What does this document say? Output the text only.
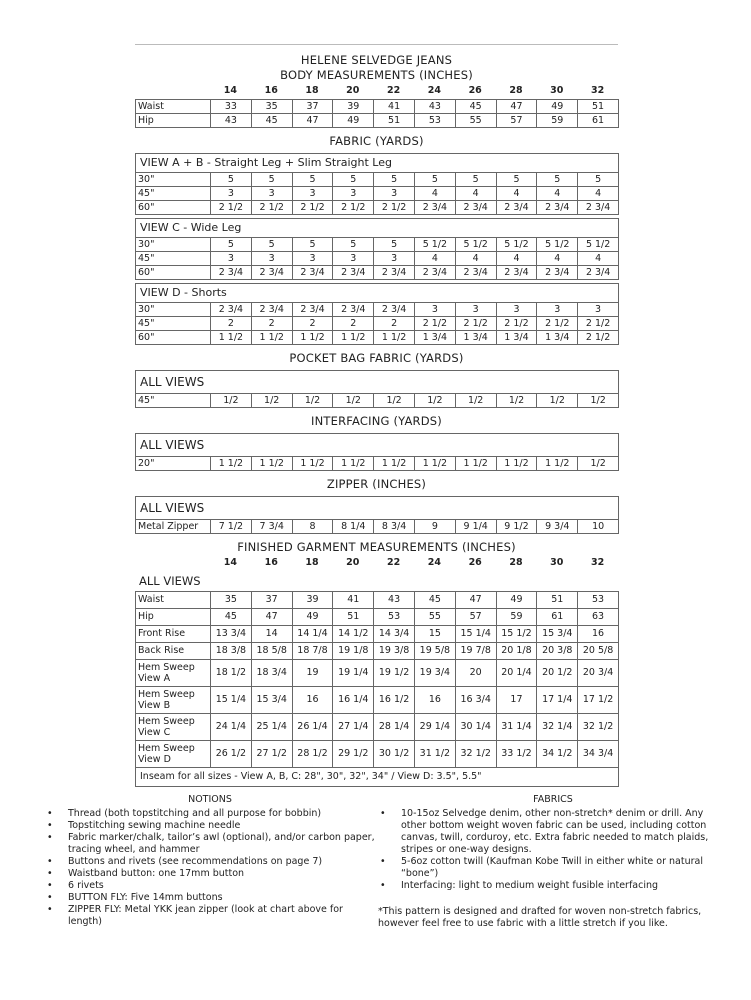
HELENE SELVEDGE JEANS
BODY MEASUREMENTS (INCHES)
	14	16	18	20	22	24	26	28	30	32
Waist	33	35	37	39	41	43	45	47	49	51
Hip	43	45	47	49	51	53	55	57	59	61
FABRIC (YARDS)
VIEW A + B - Straight Leg + Slim Straight Leg										
30"	5	5	5	5	5	5	5	5	5	5
45"	3	3	3	3	3	4	4	4	4	4
60"	2 1/2	2 1/2	2 1/2	2 1/2	2 1/2	2 3/4	2 3/4	2 3/4	2 3/4	2 3/4
VIEW C - Wide Leg										
30"	5	5	5	5	5	5 1/2	5 1/2	5 1/2	5 1/2	5 1/2
45"	3	3	3	3	3	4	4	4	4	4
60"	2 3/4	2 3/4	2 3/4	2 3/4	2 3/4	2 3/4	2 3/4	2 3/4	2 3/4	2 3/4
VIEW D - Shorts										
30"	2 3/4	2 3/4	2 3/4	2 3/4	2 3/4	3	3	3	3	3
45"	2	2	2	2	2	2 1/2	2 1/2	2 1/2	2 1/2	2 1/2
60"	1 1/2	1 1/2	1 1/2	1 1/2	1 1/2	1 3/4	1 3/4	1 3/4	1 3/4	2 1/2
POCKET BAG FABRIC (YARDS)
ALL VIEWS
45"	1/2	1/2	1/2	1/2	1/2	1/2	1/2	1/2	1/2	1/2
INTERFACING (YARDS)
ALL VIEWS
20"	1 1/2	1 1/2	1 1/2	1 1/2	1 1/2	1 1/2	1 1/2	1 1/2	1 1/2	1/2
ZIPPER (INCHES)
ALL VIEWS
Metal Zipper	7 1/2	7 3/4	8	8 1/4	8 3/4	9	9 1/4	9 1/2	9 3/4	10
FINISHED GARMENT MEASUREMENTS (INCHES)
	14	16	18	20	22	24	26	28	30	32
ALL VIEWS
Waist	35	37	39	41	43	45	47	49	51	53
Hip	45	47	49	51	53	55	57	59	61	63
Front Rise	13 3/4	14	14 1/4	14 1/2	14 3/4	15	15 1/4	15 1/2	15 3/4	16
Back Rise	18 3/8	18 5/8	18 7/8	19 1/8	19 3/8	19 5/8	19 7/8	20 1/8	20 3/8	20 5/8
Hem Sweep View A	18 1/2	18 3/4	19	19 1/4	19 1/2	19 3/4	20	20 1/4	20 1/2	20 3/4
Hem Sweep View B	15 1/4	15 3/4	16	16 1/4	16 1/2	16	16 3/4	17	17 1/4	17 1/2
Hem Sweep View C	24 1/4	25 1/4	26 1/4	27 1/4	28 1/4	29 1/4	30 1/4	31 1/4	32 1/4	32 1/2
Hem Sweep View D	26 1/2	27 1/2	28 1/2	29 1/2	30 1/2	31 1/2	32 1/2	33 1/2	34 1/2	34 3/4
Inseam for all sizes - View A, B, C: 28", 30", 32", 34" / View D: 3.5", 5.5"										
NOTIONS
• Thread (both topstitching and all purpose for bobbin)
• Topstitching sewing machine needle
• Fabric marker/chalk, tailor’s awl (optional), and/or carbon paper, tracing wheel, and hammer
• Buttons and rivets (see recommendations on page 7)
• Waistband button: one 17mm button
• 6 rivets
• BUTTON FLY: Five 14mm buttons
• ZIPPER FLY: Metal YKK jean zipper (look at chart above for length)
FABRICS
• 10-15oz Selvedge denim, other non-stretch* denim or drill. Any other bottom weight woven fabric can be used, including cotton canvas, twill, corduroy, etc. Extra fabric needed to match plaids, stripes or one-way designs.
• 5-6oz cotton twill (Kaufman Kobe Twill in either white or natural “bone”)
• Interfacing: light to medium weight fusible interfacing
*This pattern is designed and drafted for woven non-stretch fabrics, however feel free to use fabric with a little stretch if you like.
